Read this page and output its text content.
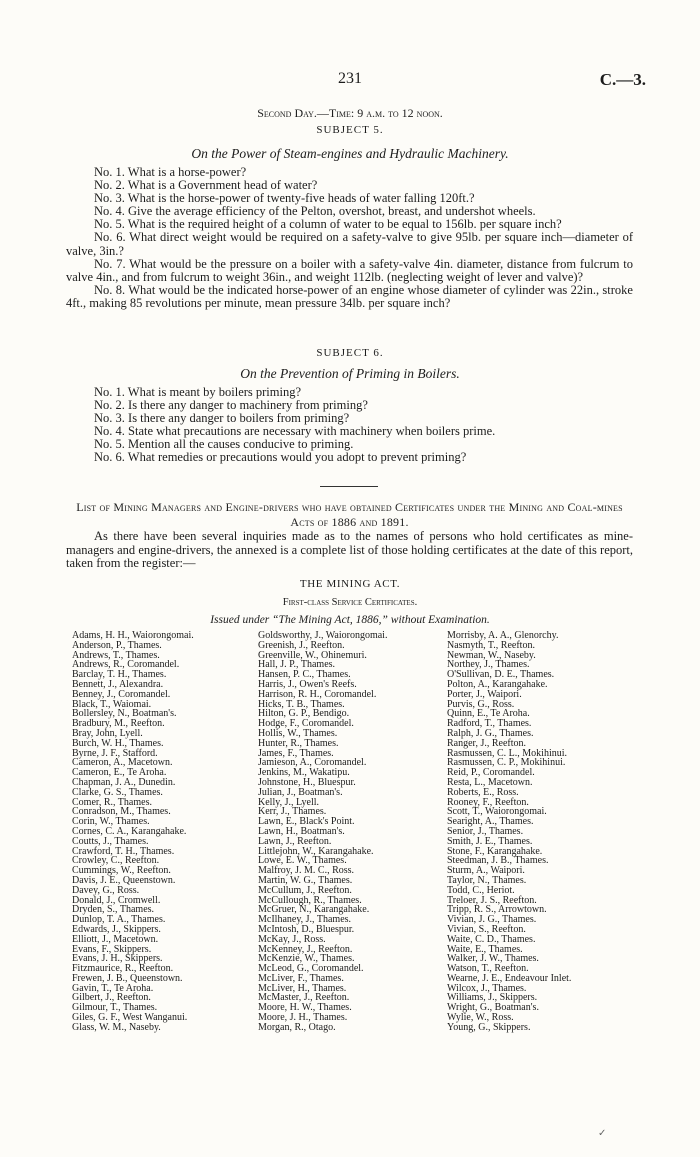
231	C.—3.
Second Day.—Time: 9 a.m. to 12 noon.
SUBJECT 5.
On the Power of Steam-engines and Hydraulic Machinery.
No. 1. What is a horse-power?
No. 2. What is a Government head of water?
No. 3. What is the horse-power of twenty-five heads of water falling 120ft.?
No. 4. Give the average efficiency of the Pelton, overshot, breast, and undershot wheels.
No. 5. What is the required height of a column of water to be equal to 156lb. per square inch?
No. 6. What direct weight would be required on a safety-valve to give 95lb. per square inch—diameter of valve, 3in.?
No. 7. What would be the pressure on a boiler with a safety-valve 4in. diameter, distance from fulcrum to valve 4in., and from fulcrum to weight 36in., and weight 112lb. (neglecting weight of lever and valve)?
No. 8. What would be the indicated horse-power of an engine whose diameter of cylinder was 22in., stroke 4ft., making 85 revolutions per minute, mean pressure 34lb. per square inch?
SUBJECT 6.
On the Prevention of Priming in Boilers.
No. 1. What is meant by boilers priming?
No. 2. Is there any danger to machinery from priming?
No. 3. Is there any danger to boilers from priming?
No. 4. State what precautions are necessary with machinery when boilers prime.
No. 5. Mention all the causes conducive to priming.
No. 6. What remedies or precautions would you adopt to prevent priming?
List of Mining Managers and Engine-drivers who have obtained Certificates under the Mining and Coal-mines Acts of 1886 and 1891.

As there have been several inquiries made as to the names of persons who hold certificates as mine-managers and engine-drivers, the annexed is a complete list of those holding certificates at the date of this report, taken from the register:—

THE MINING ACT.
First-class Service Certificates.
Issued under “The Mining Act, 1886,” without Examination.
Adams, H. H., Waiorongomai.
Anderson, P., Thames.
Andrews, T., Thames.
Andrews, R., Coromandel.
Barclay, T. H., Thames.
Bennett, J., Alexandra.
Benney, J., Coromandel.
Black, T., Waiomai.
Bollersley, N., Boatman's.
Bradbury, M., Reefton.
Bray, John, Lyell.
Burch, W. H., Thames.
Byrne, J. F., Stafford.
Cameron, A., Macetown.
Cameron, E., Te Aroha.
Chapman, J. A., Dunedin.
Clarke, G. S., Thames.
Comer, R., Thames.
Conradson, M., Thames.
Corin, W., Thames.
Cornes, C. A., Karangahake.
Coutts, J., Thames.
Crawford, T. H., Thames.
Crowley, C., Reefton.
Cummings, W., Reefton.
Davis, J. E., Queenstown.
Davey, G., Ross.
Donald, J., Cromwell.
Dryden, S., Thames.
Dunlop, T. A., Thames.
Edwards, J., Skippers.
Elliott, J., Macetown.
Evans, F., Skippers.
Evans, J. H., Skippers.
Fitzmaurice, R., Reefton.
Frewen, J. B., Queenstown.
Gavin, T., Te Aroha.
Gilbert, J., Reefton.
Gilmour, T., Thames.
Giles, G. F., West Wanganui.
Glass, W. M., Naseby.
Goldsworthy, J., Waiorongomai.
Greenish, J., Reefton.
Greenville, W., Ohinemuri.
Hall, J. P., Thames.
Hansen, P. C., Thames.
Harris, J., Owen's Reefs.
Harrison, R. H., Coromandel.
Hicks, T. B., Thames.
Hilton, G. P., Bendigo.
Hodge, F., Coromandel.
Hollis, W., Thames.
Hunter, R., Thames.
James, F., Thames.
Jamieson, A., Coromandel.
Jenkins, M., Wakatipu.
Johnstone, H., Bluespur.
Julian, J., Boatman's.
Kelly, J., Lyell.
Kerr, J., Thames.
Lawn, E., Black's Point.
Lawn, H., Boatman's.
Lawn, J., Reefton.
Littlejohn, W., Karangahake.
Lowe, E. W., Thames.
Malfroy, J. M. C., Ross.
Martin, W. G., Thames.
McCullum, J., Reefton.
McCullough, R., Thames.
McGruer, N., Karangahake.
McIlhaney, J., Thames.
McIntosh, D., Bluespur.
McKay, J., Ross.
McKenney, J., Reefton.
McKenzie, W., Thames.
McLeod, G., Coromandel.
McLiver, F., Thames.
McLiver, H., Thames.
McMaster, J., Reefton.
Moore, H. W., Thames.
Moore, J. H., Thames.
Morgan, R., Otago.
Morrisby, A. A., Glenorchy.
Nasmyth, T., Reefton.
Newman, W., Naseby.
Northey, J., Thames.
O'Sullivan, D. E., Thames.
Polton, A., Karangahake.
Porter, J., Waipori.
Purvis, G., Ross.
Quinn, E., Te Aroha.
Radford, T., Thames.
Ralph, J. G., Thames.
Ranger, J., Reefton.
Rasmussen, C. L., Mokihinui.
Rasmussen, C. P., Mokihinui.
Reid, P., Coromandel.
Resta, L., Macetown.
Roberts, E., Ross.
Rooney, F., Reefton.
Scott, T., Waiorongomai.
Searight, A., Thames.
Senior, J., Thames.
Smith, J. E., Thames.
Stone, F., Karangahake.
Steedman, J. B., Thames.
Sturm, A., Waipori.
Taylor, N., Thames.
Todd, C., Heriot.
Treloer, J. S., Reefton.
Tripp, R. S., Arrowtown.
Vivian, J. G., Thames.
Vivian, S., Reefton.
Waite, C. D., Thames.
Waite, E., Thames.
Walker, J. W., Thames.
Watson, T., Reefton.
Wearne, J. E., Endeavour Inlet.
Wilcox, J., Thames.
Williams, J., Skippers.
Wright, G., Boatman's.
Wylie, W., Ross.
Young, G., Skippers.
✓
